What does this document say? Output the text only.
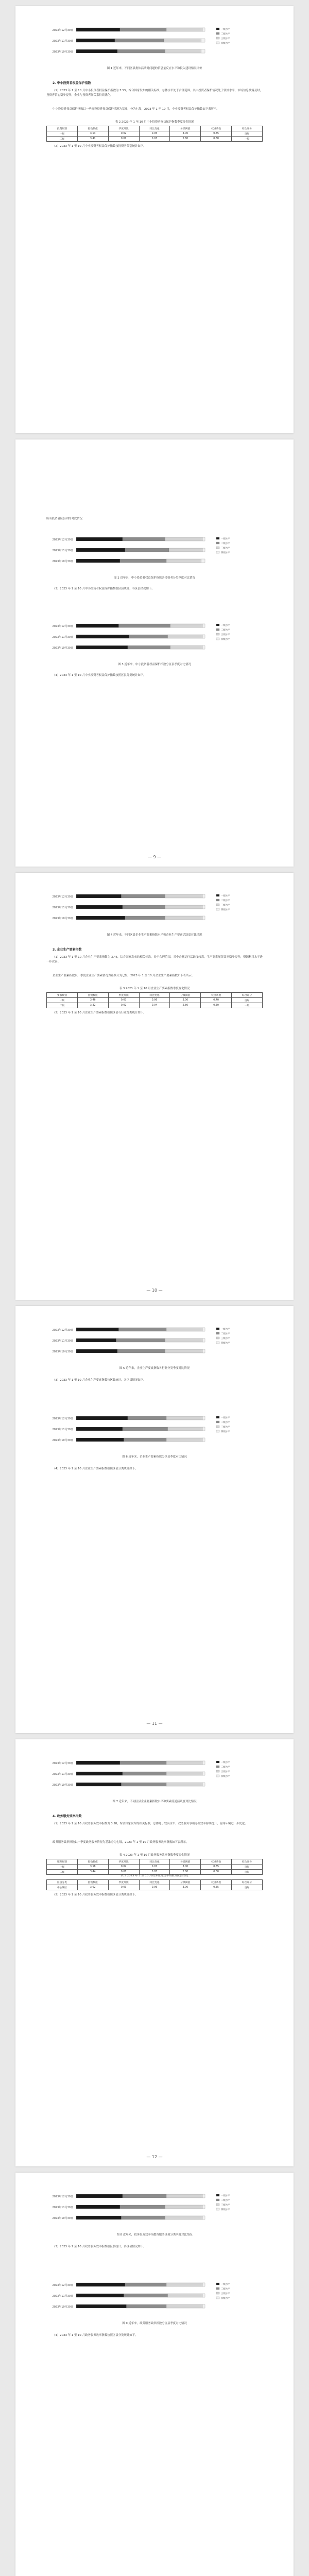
2023年12月30日
2023年11月30日
2023年10月30日
一级水平
二级水平
三级水平
四级水平
图 1 近年来，不同区县奥体活动对问题的信息量反应水平和投入建设情况评价
2. 中小投资者权益保护指数
（1）2023 年 1 至 10 月中小投资者权益保护指数为 3.53，综合国家发布的相关标准，总体水平处于合理范围。其中投资者保护情况处于较好水平，市场信息披露及时，投资者信心稳步提升，企业与投资者间关系持续优化。
中小投资者权益保护指数以一季度投资者权益保护情况为基准，分为七级，2023 年 1 至 10 月，中小投资者权益保护指数如下表所示。
表 2 2023 年 1 至 10 月中小投资者权益保护指数季度变化情况
投资级别	指数数值	季度环比	同比变化	分级阈值	权重系数	综合评分
一级	3.53	0.02	0.05	3.00	0.35	良好
二级	3.41	0.01	0.03	2.80	0.30	一般
（2）2023 年 1 至 10 月中小投资者权益保护指数按投资者类别统计如下。
所有投资者区县内的对比情况
2023年12月30日
2023年11月30日
2023年10月30日
一级水平
二级水平
三级水平
四级水平
图 2 近年来，中小投资者权益保护指数各投资者分类季度对比情况
（3）2023 年 1 至 10 月中小投资者权益保护指数按区县统计，各区县情况如下。
2023年12月30日
2023年11月30日
2023年10月30日
一级水平
二级水平
三级水平
四级水平
图 3 近年来，中小投资者权益保护指数分区县季度对比情况
（4）2023 年 1 至 10 月中小投资者权益保护指数按照区县分类统计如下。
— 9 —
2023年12月30日
2023年11月30日
2023年10月30日
一级水平
二级水平
三级水平
四级水平
图 4 近年来，不同区县企业生产要素指数水平和企业生产要素活跃度对比情况
3. 企业生产要素指数
（1）2023 年 1 至 10 月企业生产要素指数为 3.46，综合国家发布的相关标准，处于合理范围，其中企业运行活跃度较高，生产要素配置效率稳步提升，资源利用水平进一步改善。
企业生产要素指数以一季度企业生产要素情况为基准分为七级，2023 年 1 至 10 月企业生产要素指数如下表所示。
表 3 2023 年 1 至 10 月企业生产要素指数季度变化情况
要素级别	指数数值	季度环比	同比变化	分级阈值	权重系数	综合评分
一级	3.46	0.03	0.06	3.00	0.40	良好
二级	3.32	0.02	0.04	2.80	0.30	一般
（2）2023 年 1 至 10 月企业生产要素指数按照区县与行业分类统计如下。
— 10 —
2023年12月30日
2023年11月30日
2023年10月30日
一级水平
二级水平
三级水平
四级水平
图 5 近年来，企业生产要素指数各行业分类季度对比情况
（3）2023 年 1 至 10 月企业生产要素指数按区县统计，各区县情况如下。
2023年12月30日
2023年11月30日
2023年10月30日
一级水平
二级水平
三级水平
四级水平
图 6 近年来，企业生产要素指数分区县季度对比情况
（4）2023 年 1 至 10 月企业生产要素指数按照区县分类统计如下。
— 11 —
2023年12月30日
2023年11月30日
2023年10月30日
一级水平
二级水平
三级水平
四级水平
图 7 近年来，不同区县企业要素指数水平和要素流通活跃度对比情况
4. 政务服务效率指数
（1）2023 年 1 至 10 月政务服务效率指数为 3.58，综合国家发布的相关标准，总体处于较高水平，政务服务事项办理效率持续提升，营商环境进一步优化。
政务服务效率指数以一季度政务服务情况为基准分为七级，2023 年 1 至 10 月政务服务效率指数如下表所示。
表 4 2023 年 1 至 10 月政务服务效率指数季度变化情况
服务级别	指数数值	季度环比	同比变化	分级阈值	权重系数	综合评分
一级	3.58	0.02	0.07	3.00	0.35	良好
二级	3.44	0.01	0.05	2.80	0.30	良好
表 5 2023 年 1 至 10 月政务服务效率指数分区县情况
区县分类	指数数值	季度环比	同比变化	分级阈值	权重系数	综合评分
中心城区	3.62	0.03	0.06	3.00	0.35	良好
（2）2023 年 1 至 10 月政务服务效率指数按照区县分类统计如下。
— 12 —
2023年12月30日
2023年11月30日
2023年10月30日
一级水平
二级水平
三级水平
四级水平
图 8 近年来，政务服务效率指数各服务事项分类季度对比情况
（3）2023 年 1 至 10 月政务服务效率指数按区县统计，各区县情况如下。
2023年12月30日
2023年11月30日
2023年10月30日
一级水平
二级水平
三级水平
四级水平
图 9 近年来，政务服务效率指数分区县季度对比情况
（4）2023 年 1 至 10 月政务服务效率指数按照区县分类统计如下。
